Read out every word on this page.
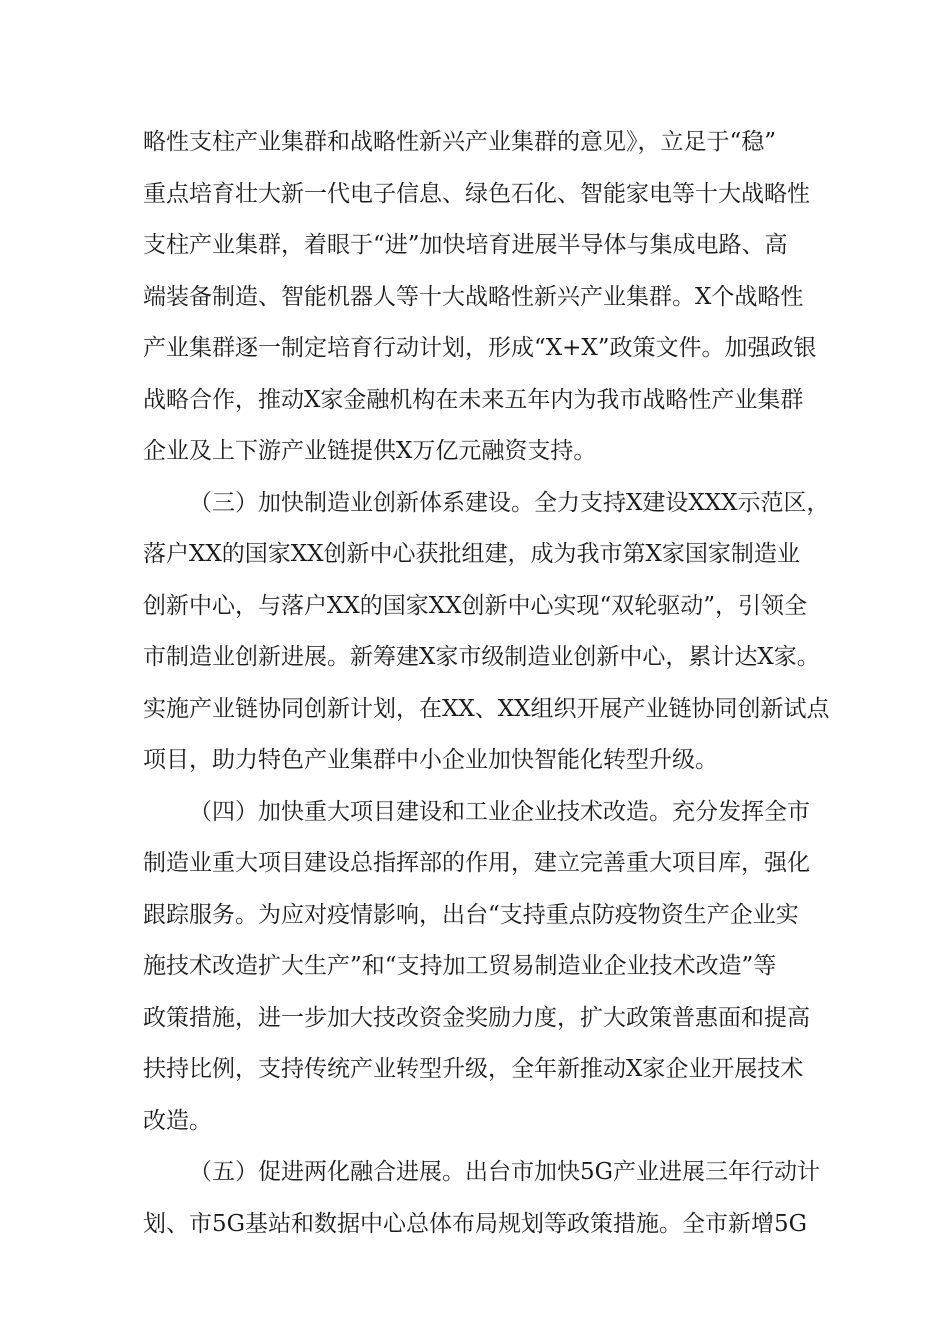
略性支柱产业集群和战略性新兴产业集群的意见》，立足于“稳”
重点培育壮大新一代电子信息、绿色石化、智能家电等十大战略性
支柱产业集群，着眼于“进”加快培育进展半导体与集成电路、高
端装备制造、智能机器人等十大战略性新兴产业集群。X个战略性
产业集群逐一制定培育行动计划，形成“X+X”政策文件。加强政银
战略合作，推动X家金融机构在未来五年内为我市战略性产业集群
企业及上下游产业链提供X万亿元融资支持。
（三）加快制造业创新体系建设。全力支持X建设XXX示范区，
落户XX的国家XX创新中心获批组建，成为我市第X家国家制造业
创新中心，与落户XX的国家XX创新中心实现“双轮驱动”，引领全
市制造业创新进展。新筹建X家市级制造业创新中心，累计达X家。
实施产业链协同创新计划，在XX、XX组织开展产业链协同创新试点
项目，助力特色产业集群中小企业加快智能化转型升级。
（四）加快重大项目建设和工业企业技术改造。充分发挥全市
制造业重大项目建设总指挥部的作用，建立完善重大项目库，强化
跟踪服务。为应对疫情影响，出台“支持重点防疫物资生产企业实
施技术改造扩大生产”和“支持加工贸易制造业企业技术改造”等
政策措施，进一步加大技改资金奖励力度，扩大政策普惠面和提高
扶持比例，支持传统产业转型升级，全年新推动X家企业开展技术
改造。
（五）促进两化融合进展。出台市加快5G产业进展三年行动计
划、市5G基站和数据中心总体布局规划等政策措施。全市新增5G
